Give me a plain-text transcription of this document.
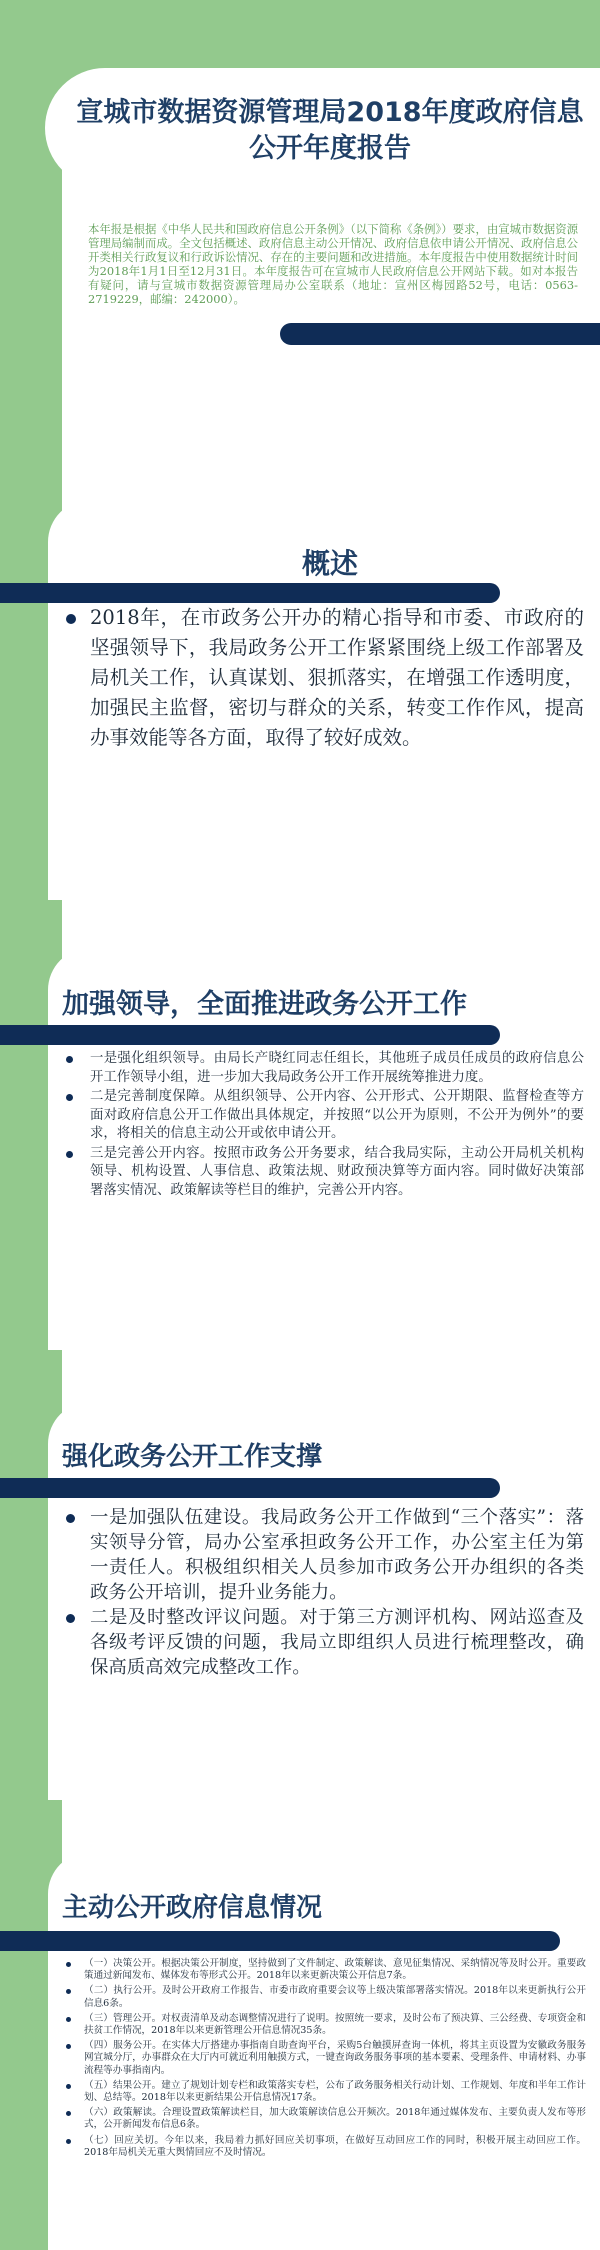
宣城市数据资源管理局2018年度政府信息公开年度报告

本年报是根据《中华人民共和国政府信息公开条例》（以下简称《条例》）要求，由宣城市数据资源管理局编制而成。全文包括概述、政府信息主动公开情况、政府信息依申请公开情况、政府信息公开类相关行政复议和行政诉讼情况、存在的主要问题和改进措施。本年度报告中使用数据统计时间为2018年1月1日至12月31日。本年度报告可在宣城市人民政府信息公开网站下载。如对本报告有疑问，请与宣城市数据资源管理局办公室联系（地址：宣州区梅园路52号，电话：0563-2719229，邮编：242000）。

概述
2018年，在市政务公开办的精心指导和市委、市政府的坚强领导下，我局政务公开工作紧紧围绕上级工作部署及局机关工作，认真谋划、狠抓落实，在增强工作透明度，加强民主监督，密切与群众的关系，转变工作作风，提高办事效能等各方面，取得了较好成效。
加强领导，全面推进政务公开工作
一是强化组织领导。由局长产晓红同志任组长，其他班子成员任成员的政府信息公开工作领导小组，进一步加大我局政务公开工作开展统筹推进力度。
二是完善制度保障。从组织领导、公开内容、公开形式、公开期限、监督检查等方面对政府信息公开工作做出具体规定，并按照“以公开为原则，不公开为例外”的要求，将相关的信息主动公开或依申请公开。
三是完善公开内容。按照市政务公开务要求，结合我局实际，主动公开局机关机构领导、机构设置、人事信息、政策法规、财政预决算等方面内容。同时做好决策部署落实情况、政策解读等栏目的维护，完善公开内容。
强化政务公开工作支撑
一是加强队伍建设。我局政务公开工作做到“三个落实”：落实领导分管，局办公室承担政务公开工作，办公室主任为第一责任人。积极组织相关人员参加市政务公开办组织的各类政务公开培训，提升业务能力。
二是及时整改评议问题。对于第三方测评机构、网站巡查及各级考评反馈的问题，我局立即组织人员进行梳理整改，确保高质高效完成整改工作。
主动公开政府信息情况
（一）决策公开。根据决策公开制度，坚持做到了文件制定、政策解读、意见征集情况、采纳情况等及时公开。重要政策通过新闻发布、媒体发布等形式公开。2018年以来更新决策公开信息7条。
（二）执行公开。及时公开政府工作报告、市委市政府重要会议等上级决策部署落实情况。2018年以来更新执行公开信息6条。
（三）管理公开。对权责清单及动态调整情况进行了说明。按照统一要求，及时公布了预决算、三公经费、专项资金和扶贫工作情况，2018年以来更新管理公开信息情况35条。
（四）服务公开。在实体大厅搭建办事指南自助查询平台，采购5台触摸屏查询一体机，将其主页设置为安徽政务服务网宣城分厅，办事群众在大厅内可就近利用触摸方式，一键查询政务服务事项的基本要素、受理条件、申请材料、办事流程等办事指南内。
（五）结果公开。建立了规划计划专栏和政策落实专栏，公布了政务服务相关行动计划、工作规划、年度和半年工作计划、总结等。2018年以来更新结果公开信息情况17条。
（六）政策解读。合理设置政策解读栏目，加大政策解读信息公开频次。2018年通过媒体发布、主要负责人发布等形式，公开新闻发布信息6条。
（七）回应关切。今年以来，我局着力抓好回应关切事项，在做好互动回应工作的同时，积极开展主动回应工作。2018年局机关无重大舆情回应不及时情况。
